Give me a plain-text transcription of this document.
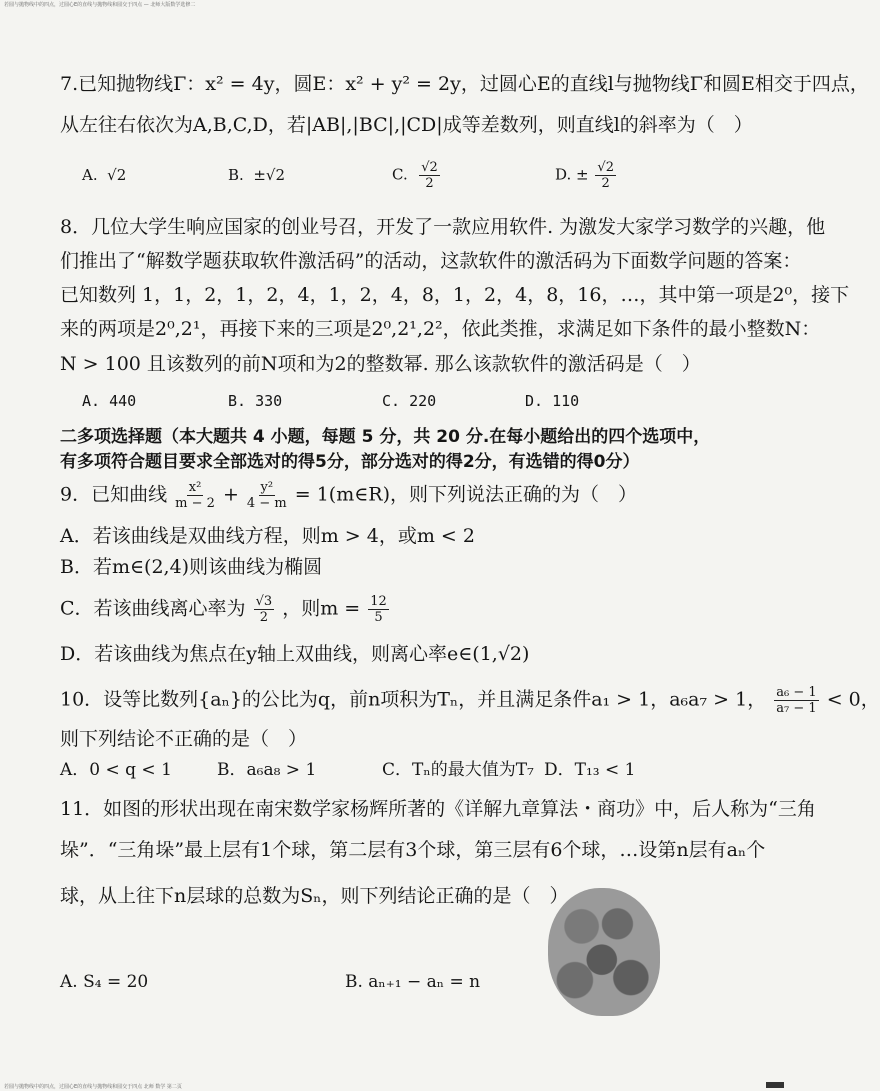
若圆与抛物线中的四点，过圆心E的直线与抛物线和圆交于四点 — 北师大版数学选修二
7.已知抛物线Γ：x² = 4y，圆E：x² + y² = 2y，过圆心E的直线l与抛物线Γ和圆E相交于四点，
从左往右依次为A,B,C,D，若|AB|,|BC|,|CD|成等差数列，则直线l的斜率为（　）
A. √2	B. ±√2	C. $\frac{√2}{2}$	D. ± $\frac{√2}{2}$
8．几位大学生响应国家的创业号召，开发了一款应用软件. 为激发大家学习数学的兴趣，他
们推出了“解数学题获取软件激活码”的活动，这款软件的激活码为下面数学问题的答案：
已知数列 1，1，2，1，2，4，1，2，4，8，1，2，4，8，16，…，其中第一项是2⁰，接下
来的两项是2⁰,2¹，再接下来的三项是2⁰,2¹,2²，依此类推，求满足如下条件的最小整数N：
N > 100 且该数列的前N项和为2的整数幂. 那么该款软件的激活码是（　）
A. 440	B. 330	C. 220	D. 110
二多项选择题（本大题共 4 小题，每题 5 分，共 20 分.在每小题给出的四个选项中，
有多项符合题目要求全部选对的得5分，部分选对的得2分，有选错的得0分）
9．已知曲线 $\frac{\text{x²}}{m - 2} + \frac{\text{y²}}{4 - m}$ = 1(m∈R)，则下列说法正确的为（　）
A．若该曲线是双曲线方程，则m > 4，或m < 2
B．若m∈(2,4)则该曲线为椭圆
C．若该曲线离心率为 $\frac{√3}{2}$ ，则$m = \frac{12}{5}$
D．若该曲线为焦点在y轴上双曲线，则离心率e∈(1,√2)
10．设等比数列{aₙ}的公比为q，前n项积为Tₙ，并且满足条件a₁ > 1，a₆a₇ > 1， $\frac{\text{a₆ − 1}}{\text{a₇ − 1}} < 0$，
则下列结论不正确的是（　）
A．0 < q < 1	B．a₆a₈ > 1	C．Tₙ的最大值为T₇ D．T₁₃ < 1
11．如图的形状出现在南宋数学家杨辉所著的《详解九章算法・商功》中，后人称为“三角
垛”．“三角垛”最上层有1个球，第二层有3个球，第三层有6个球，…设第n层有aₙ个
球，从上往下n层球的总数为Sₙ，则下列结论正确的是（　）
A. S₄ = 20	B. aₙ₊₁ − aₙ = n
若圆与抛物线中的四点，过圆心E的直线与抛物线和圆交于四点 北师 数学 第二页
